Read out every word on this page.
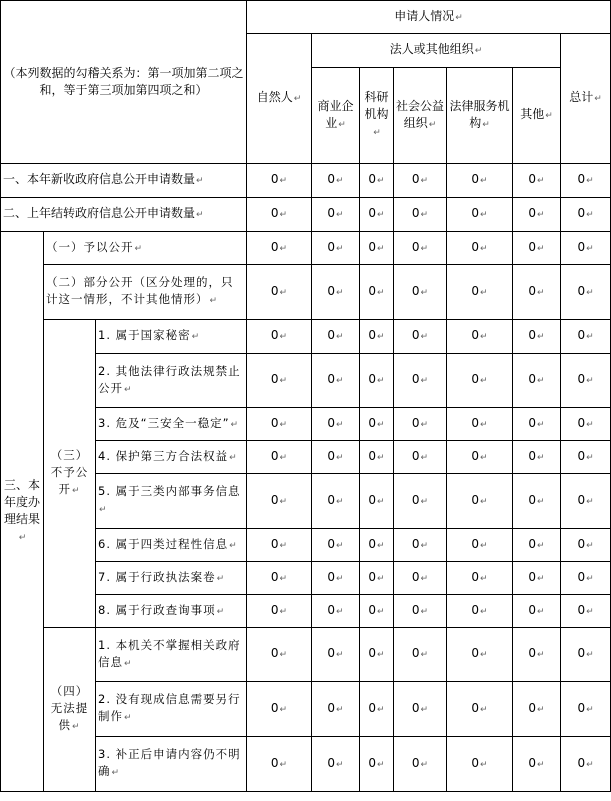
（本列数据的勾稽关系为：第一项加第二项之和，等于第三项加第四项之和）			申请人情况 ↵
			自然人 ↵	法人或其他组织 ↵					总计 ↵
				商业企业 ↵	科研机构 ↵	社会公益组织 ↵	法律服务机构 ↵	其他 ↵
一、本年新收政府信息公开申请数量 ↵			0 ↵	0 ↵	0 ↵	0 ↵	0 ↵	0 ↵	0 ↵
二、上年结转政府信息公开申请数量 ↵			0 ↵	0 ↵	0 ↵	0 ↵	0 ↵	0 ↵	0 ↵
三、本年度办理结果 ↵	（一）予以公开 ↵		0 ↵	0 ↵	0 ↵	0 ↵	0 ↵	0 ↵	0 ↵
	（二）部分公开（区分处理的，只计这一情形，不计其他情形） ↵		0 ↵	0 ↵	0 ↵	0 ↵	0 ↵	0 ↵	0 ↵
	（三）不予公开 ↵	1. 属于国家秘密 ↵	0 ↵	0 ↵	0 ↵	0 ↵	0 ↵	0 ↵	0 ↵
		2. 其他法律行政法规禁止公开 ↵	0 ↵	0 ↵	0 ↵	0 ↵	0 ↵	0 ↵	0 ↵
		3. 危及“三安全一稳定” ↵	0 ↵	0 ↵	0 ↵	0 ↵	0 ↵	0 ↵	0 ↵
		4. 保护第三方合法权益 ↵	0 ↵	0 ↵	0 ↵	0 ↵	0 ↵	0 ↵	0 ↵
		5. 属于三类内部事务信息 ↵	0 ↵	0 ↵	0 ↵	0 ↵	0 ↵	0 ↵	0 ↵
		6. 属于四类过程性信息 ↵	0 ↵	0 ↵	0 ↵	0 ↵	0 ↵	0 ↵	0 ↵
		7. 属于行政执法案卷 ↵	0 ↵	0 ↵	0 ↵	0 ↵	0 ↵	0 ↵	0 ↵
		8. 属于行政查询事项 ↵	0 ↵	0 ↵	0 ↵	0 ↵	0 ↵	0 ↵	0 ↵
	（四）无法提供 ↵	1. 本机关不掌握相关政府信息 ↵	0 ↵	0 ↵	0 ↵	0 ↵	0 ↵	0 ↵	0 ↵
		2. 没有现成信息需要另行制作 ↵	0 ↵	0 ↵	0 ↵	0 ↵	0 ↵	0 ↵	0 ↵
		3. 补正后申请内容仍不明确 ↵	0 ↵	0 ↵	0 ↵	0 ↵	0 ↵	0 ↵	0 ↵
